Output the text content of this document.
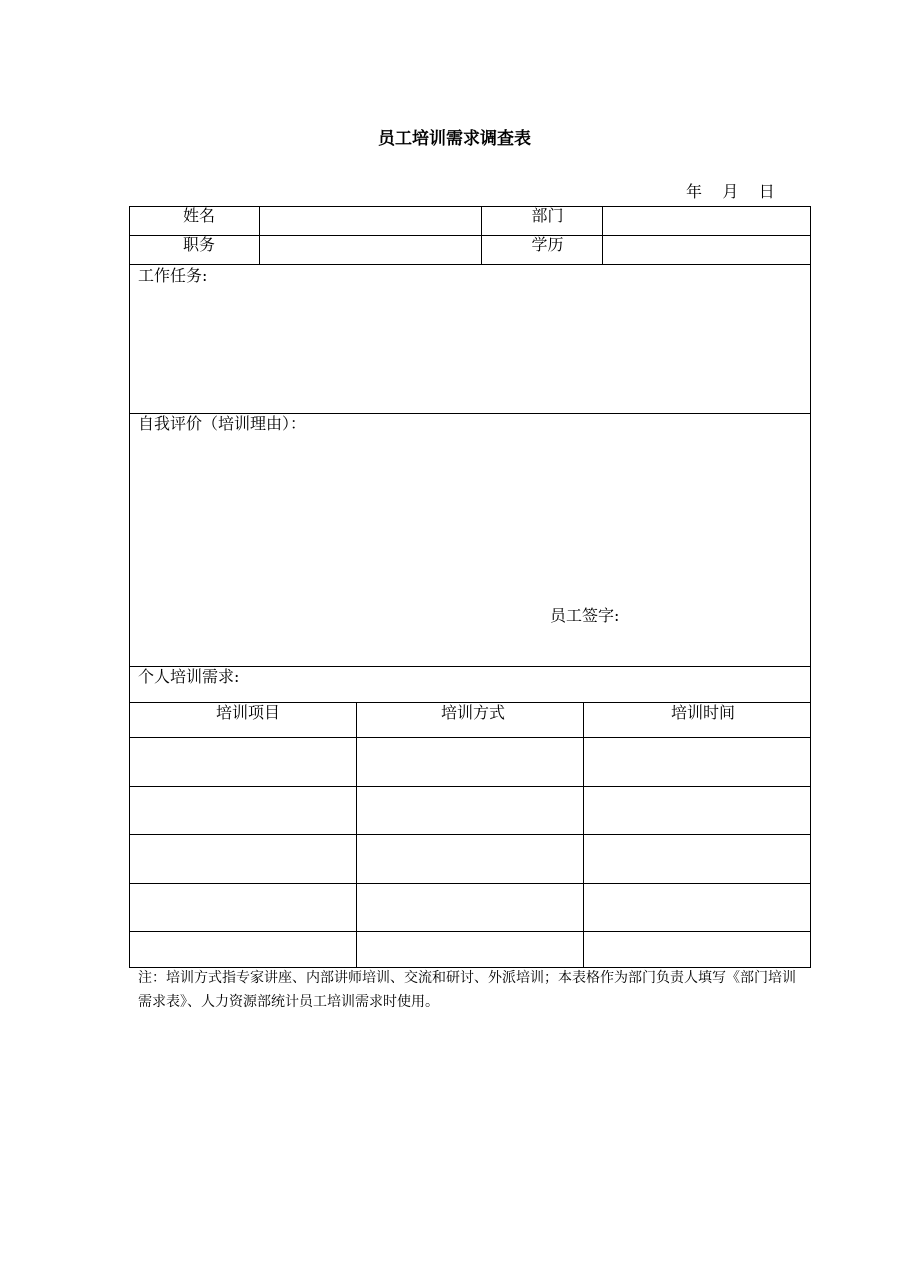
员工培训需求调查表
年    月    日
姓名	部门
职务	学历
工作任务:
自我评价（培训理由）：
员工签字:
个人培训需求:
培训项目	培训方式	培训时间
注：培训方式指专家讲座、内部讲师培训、交流和研讨、外派培训；本表格作为部门负责人填写《部门培训需求表》、人力资源部统计员工培训需求时使用。
